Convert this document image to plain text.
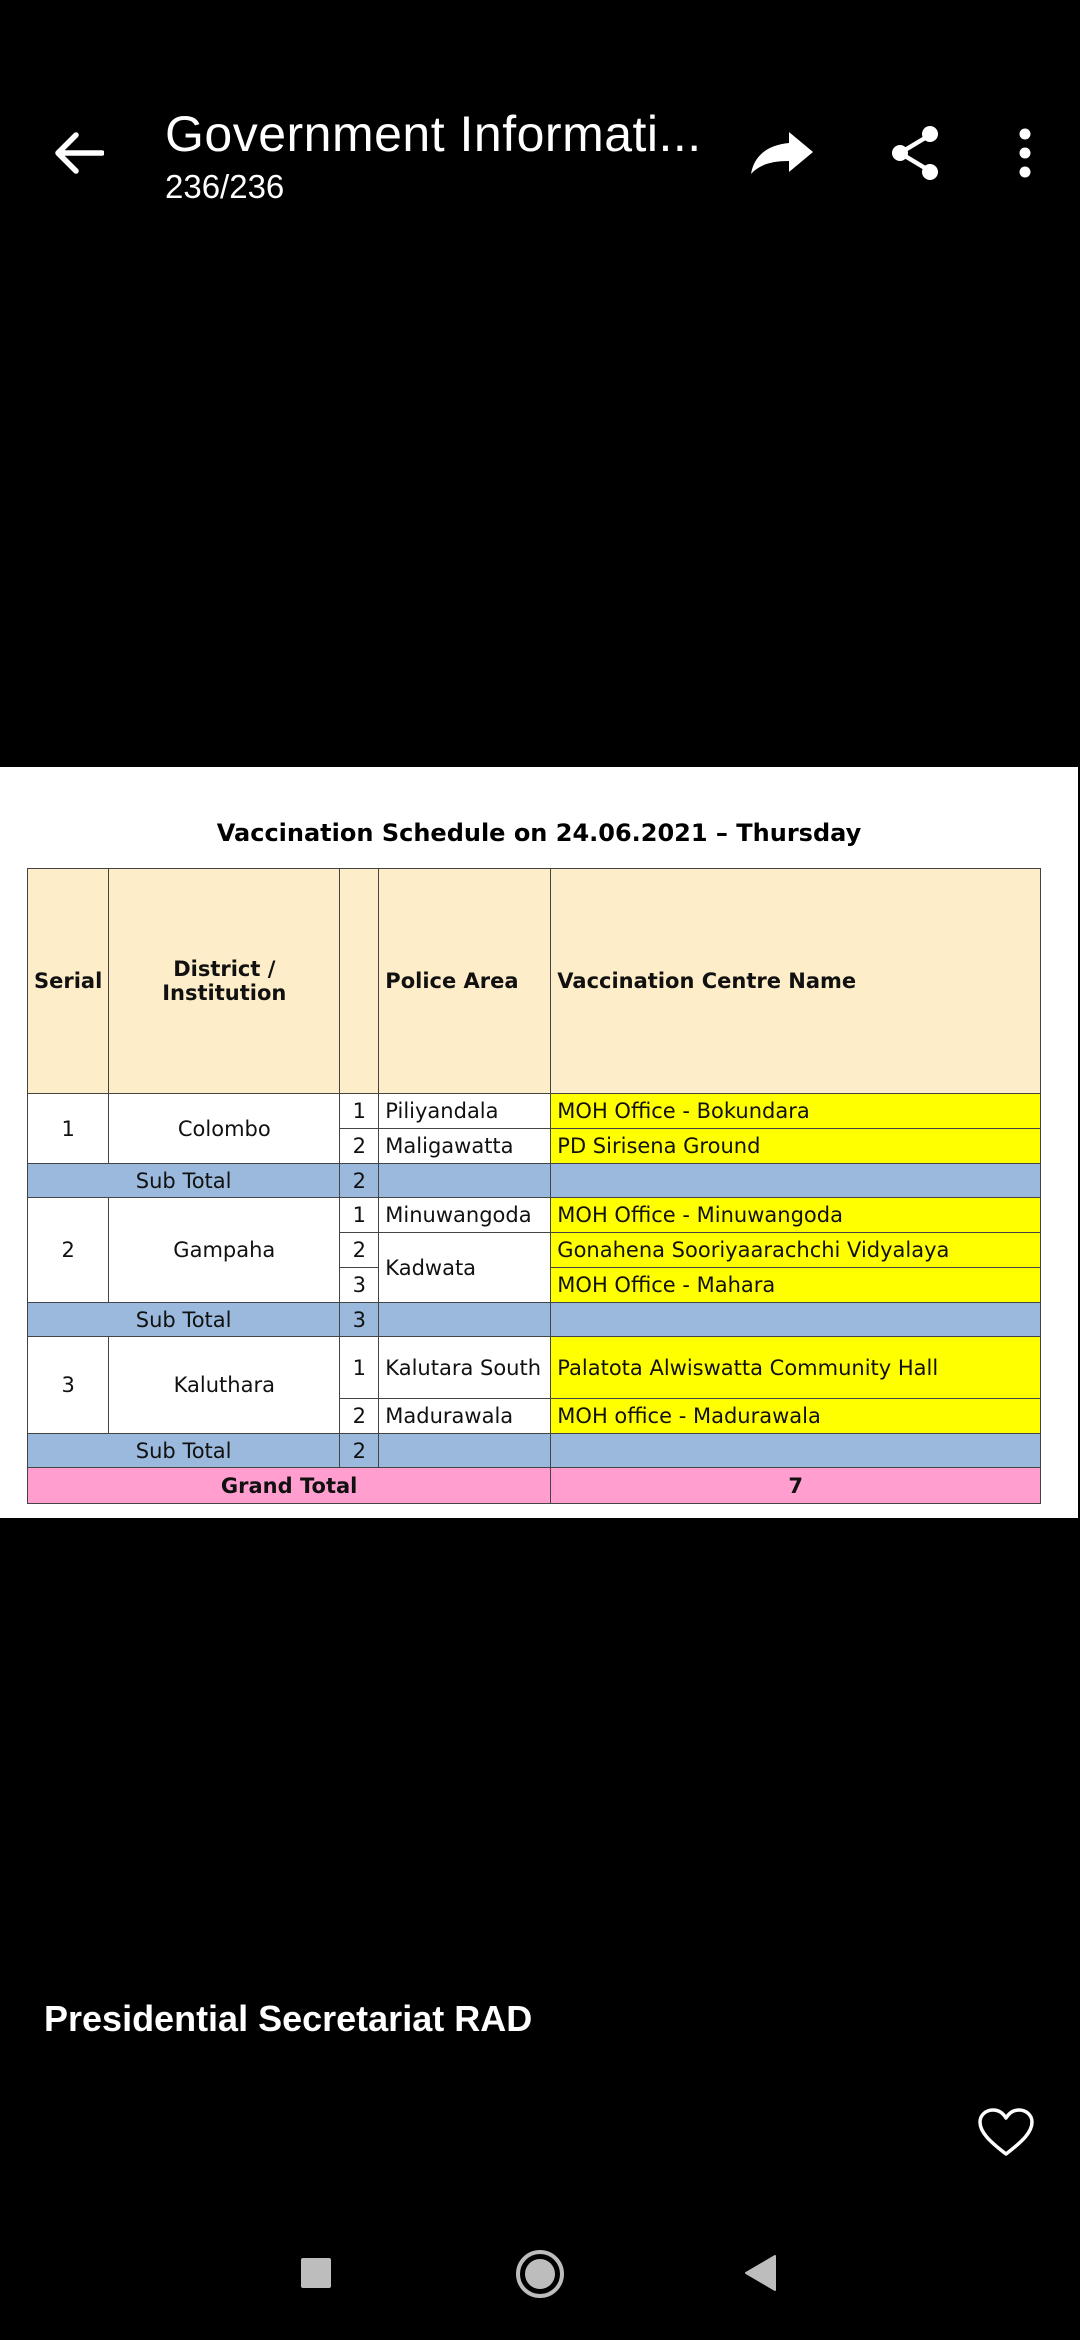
Government Informati...
236/236
Vaccination Schedule on 24.06.2021 – Thursday
Serial	District / Institution		Police Area	Vaccination Centre Name
1	Colombo	1	Piliyandala	MOH Office - Bokundara
		2	Maligawatta	PD Sirisena Ground
Sub Total		2		
2	Gampaha	1	Minuwangoda	MOH Office - Minuwangoda
		2	Kadwata	Gonahena Sooriyaarachchi Vidyalaya
		3		MOH Office - Mahara
Sub Total		3		
3	Kaluthara	1	Kalutara South	Palatota Alwiswatta Community Hall
		2	Madurawala	MOH office - Madurawala
Sub Total		2		
Grand Total				7
Presidential Secretariat RAD
